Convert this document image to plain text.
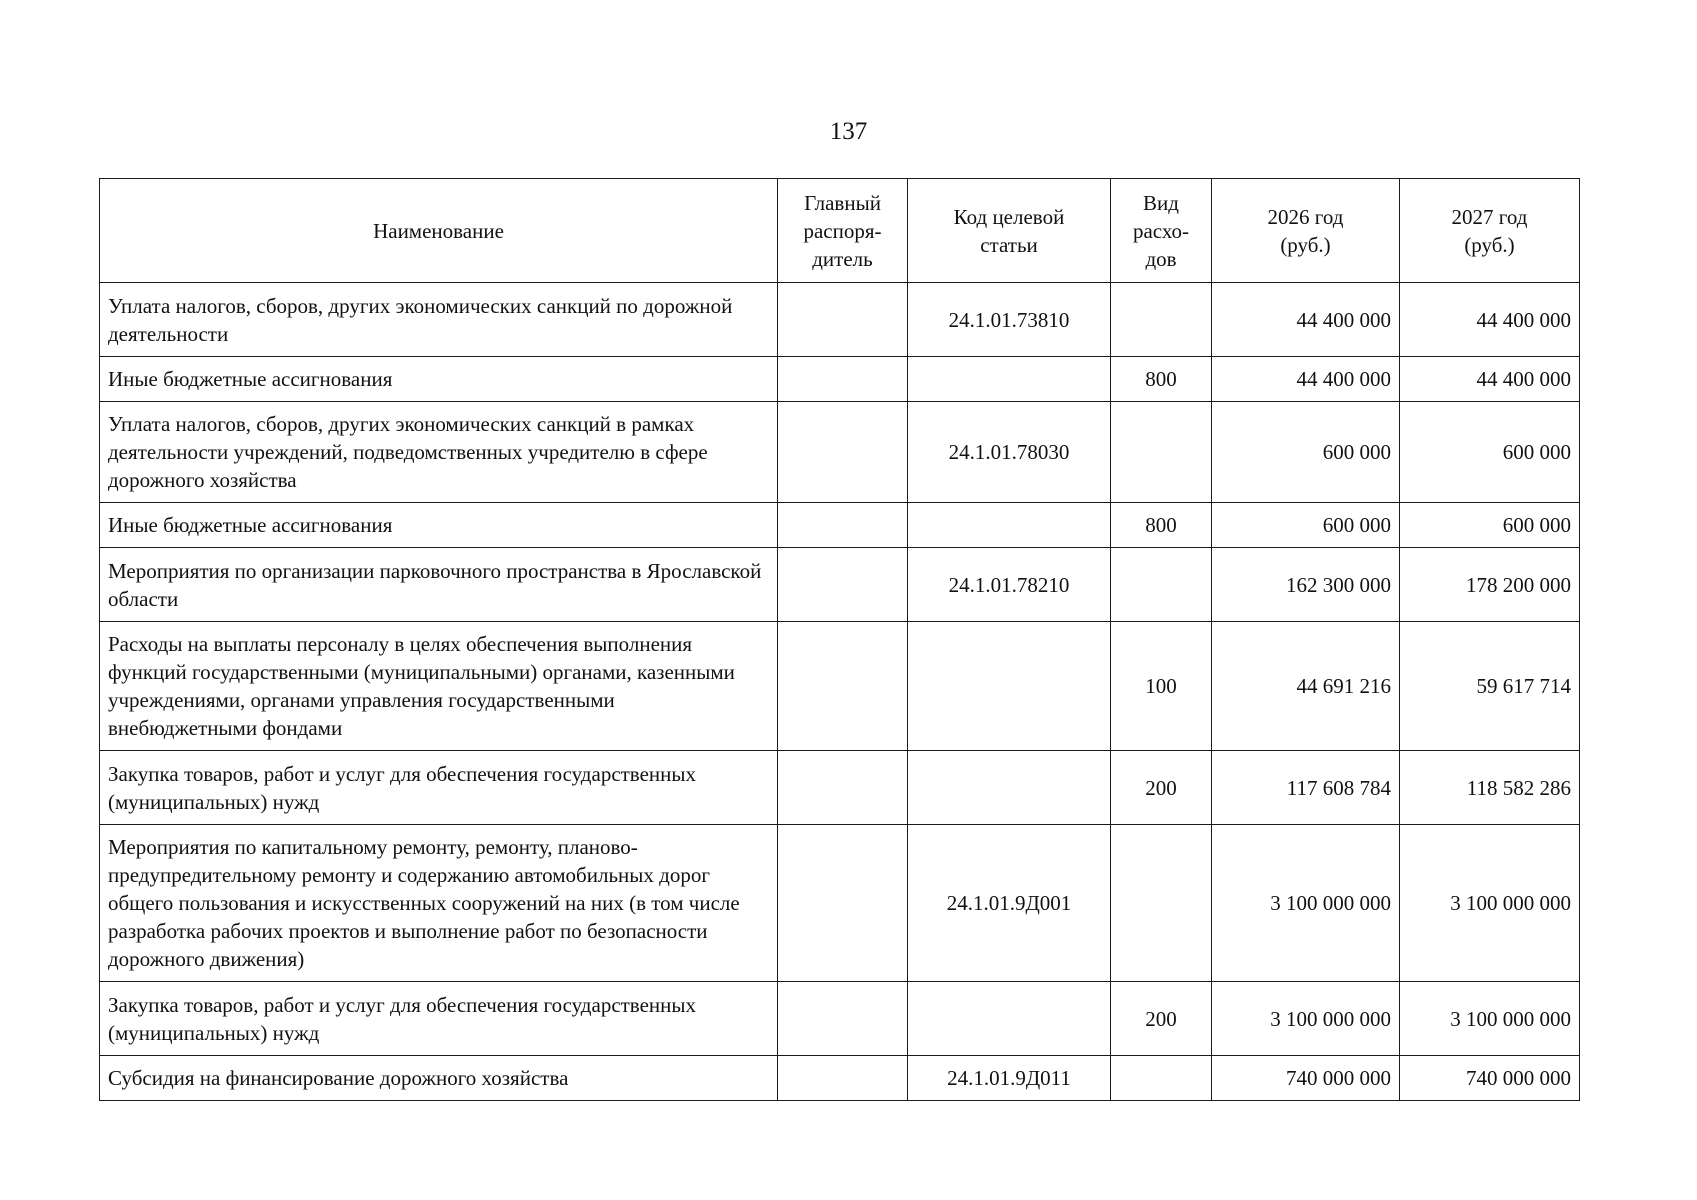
137
Наименование	Главный
распоря-
дитель	Код целевой
статьи	Вид
расхо-
дов	2026 год
(руб.)	2027 год
(руб.)

Уплата налогов, сборов, других экономических санкций по дорожной деятельности		24.1.01.73810		44 400 000	44 400 000
Иные бюджетные ассигнования			800	44 400 000	44 400 000
Уплата налогов, сборов, других экономических санкций в рамках деятельности учреждений, подведомственных учредителю в сфере дорожного хозяйства		24.1.01.78030		600 000	600 000
Иные бюджетные ассигнования			800	600 000	600 000
Мероприятия по организации парковочного пространства в Ярославской области		24.1.01.78210		162 300 000	178 200 000
Расходы на выплаты персоналу в целях обеспечения выполнения функций государственными (муниципальными) органами, казенными учреждениями, органами управления государственными внебюджетными фондами			100	44 691 216	59 617 714
Закупка товаров, работ и услуг для обеспечения государственных (муниципальных) нужд			200	117 608 784	118 582 286
Мероприятия по капитальному ремонту, ремонту, планово-предупредительному ремонту и содержанию автомобильных дорог общего пользования и искусственных сооружений на них (в том числе разработка рабочих проектов и выполнение работ по безопасности дорожного движения)		24.1.01.9Д001		3 100 000 000	3 100 000 000
Закупка товаров, работ и услуг для обеспечения государственных (муниципальных) нужд			200	3 100 000 000	3 100 000 000
Субсидия на финансирование дорожного хозяйства		24.1.01.9Д011		740 000 000	740 000 000
